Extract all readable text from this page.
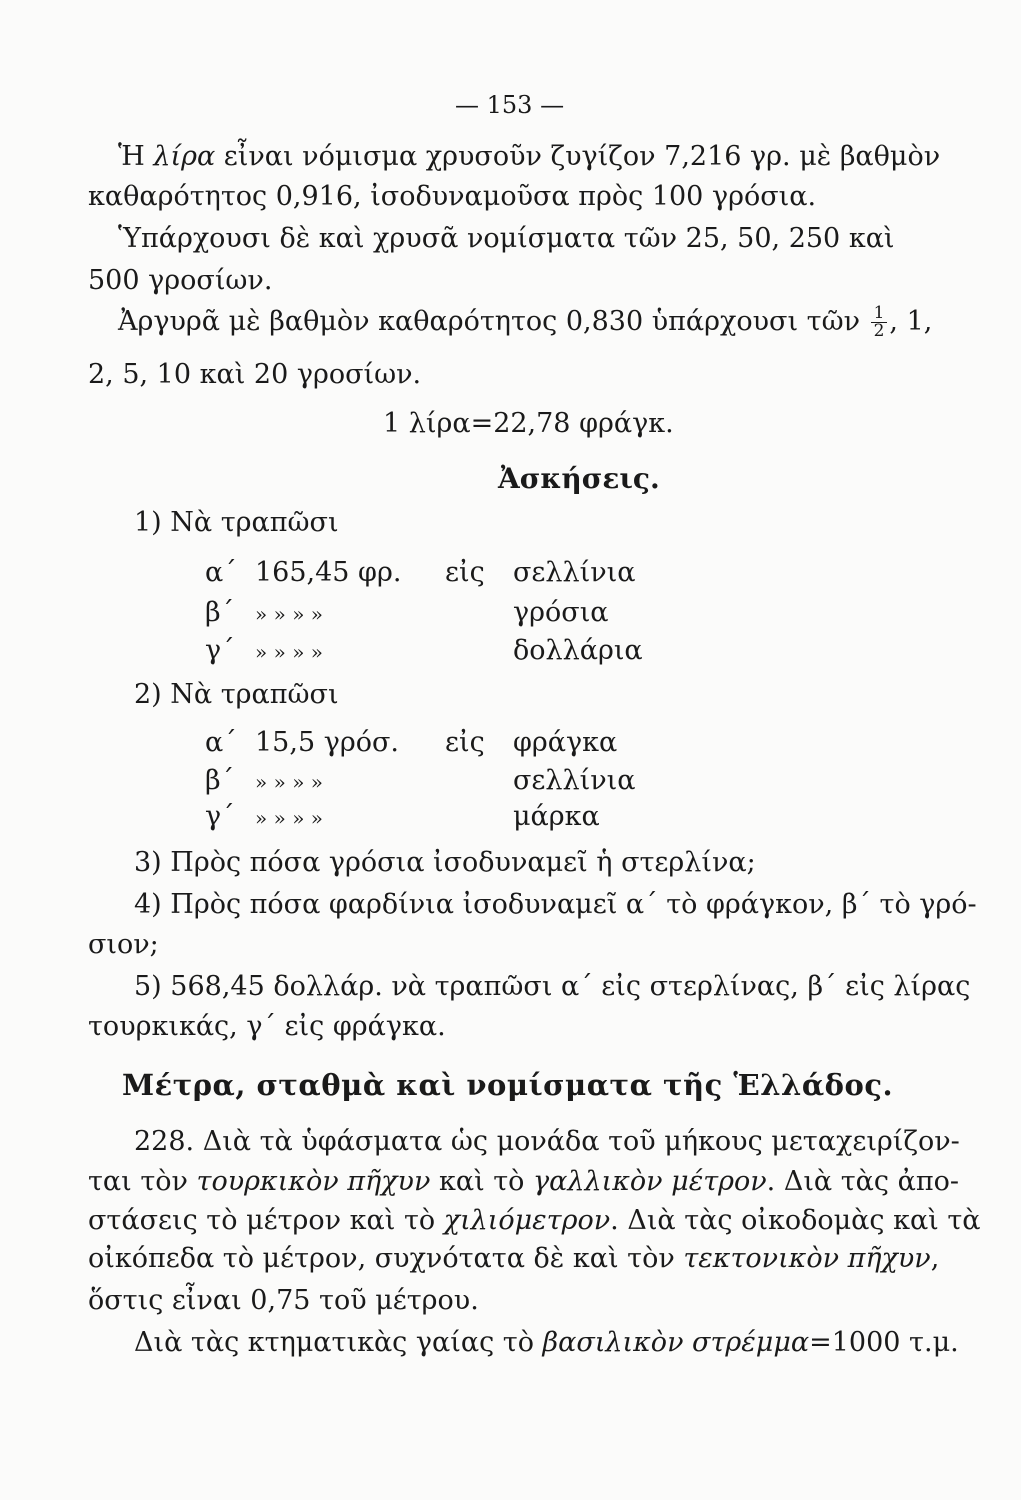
— 153 —
Ἡ λίρα εἶναι νόμισμα χρυσοῦν ζυγίζον 7,216 γρ. μὲ βαθμὸν
καθαρότητος 0,916, ἰσοδυναμοῦσα πρὸς 100 γρόσια.
Ὑπάρχουσι δὲ καὶ χρυσᾶ νομίσματα τῶν 25, 50, 250 καὶ
500 γροσίων.
Ἀργυρᾶ μὲ βαθμὸν καθαρότητος 0,830 ὑπάρχουσι τῶν $\frac{1}{2}$ , 1,
2, 5, 10 καὶ 20 γροσίων.
1 λίρα=22,78 φράγκ.
Ἀσκήσεις.
1) Νὰ τραπῶσι
α΄ 165,45 φρ. εἰς σελλίνια
β΄ » » » »	γρόσια
γ΄ » » » »	δολλάρια
2) Νὰ τραπῶσι
α΄ 15,5 γρόσ. εἰς φράγκα
β΄ » » » »	σελλίνια
γ΄ » » » »	μάρκα
3) Πρὸς πόσα γρόσια ἰσοδυναμεῖ ἡ στερλίνα;
4) Πρὸς πόσα φαρδίνια ἰσοδυναμεῖ α΄ τὸ φράγκον, β΄ τὸ γρό-
σιον;
5) 568,45 δολλάρ. νὰ τραπῶσι α΄ εἰς στερλίνας, β΄ εἰς λίρας
τουρκικάς, γ΄ εἰς φράγκα.
Μέτρα, σταθμὰ καὶ νομίσματα τῆς Ἑλλάδος.
228. Διὰ τὰ ὑφάσματα ὡς μονάδα τοῦ μήκους μεταχειρίζον-
ται τὸν τουρκικὸν πῆχυν καὶ τὸ γαλλικὸν μέτρον. Διὰ τὰς ἀπο-
στάσεις τὸ μέτρον καὶ τὸ χιλιόμετρον. Διὰ τὰς οἰκοδομὰς καὶ τὰ
οἰκόπεδα τὸ μέτρον, συχνότατα δὲ καὶ τὸν τεκτονικὸν πῆχυν,
ὅστις εἶναι 0,75 τοῦ μέτρου.
Διὰ τὰς κτηματικὰς γαίας τὸ βασιλικὸν στρέμμα=1000 τ.μ.
